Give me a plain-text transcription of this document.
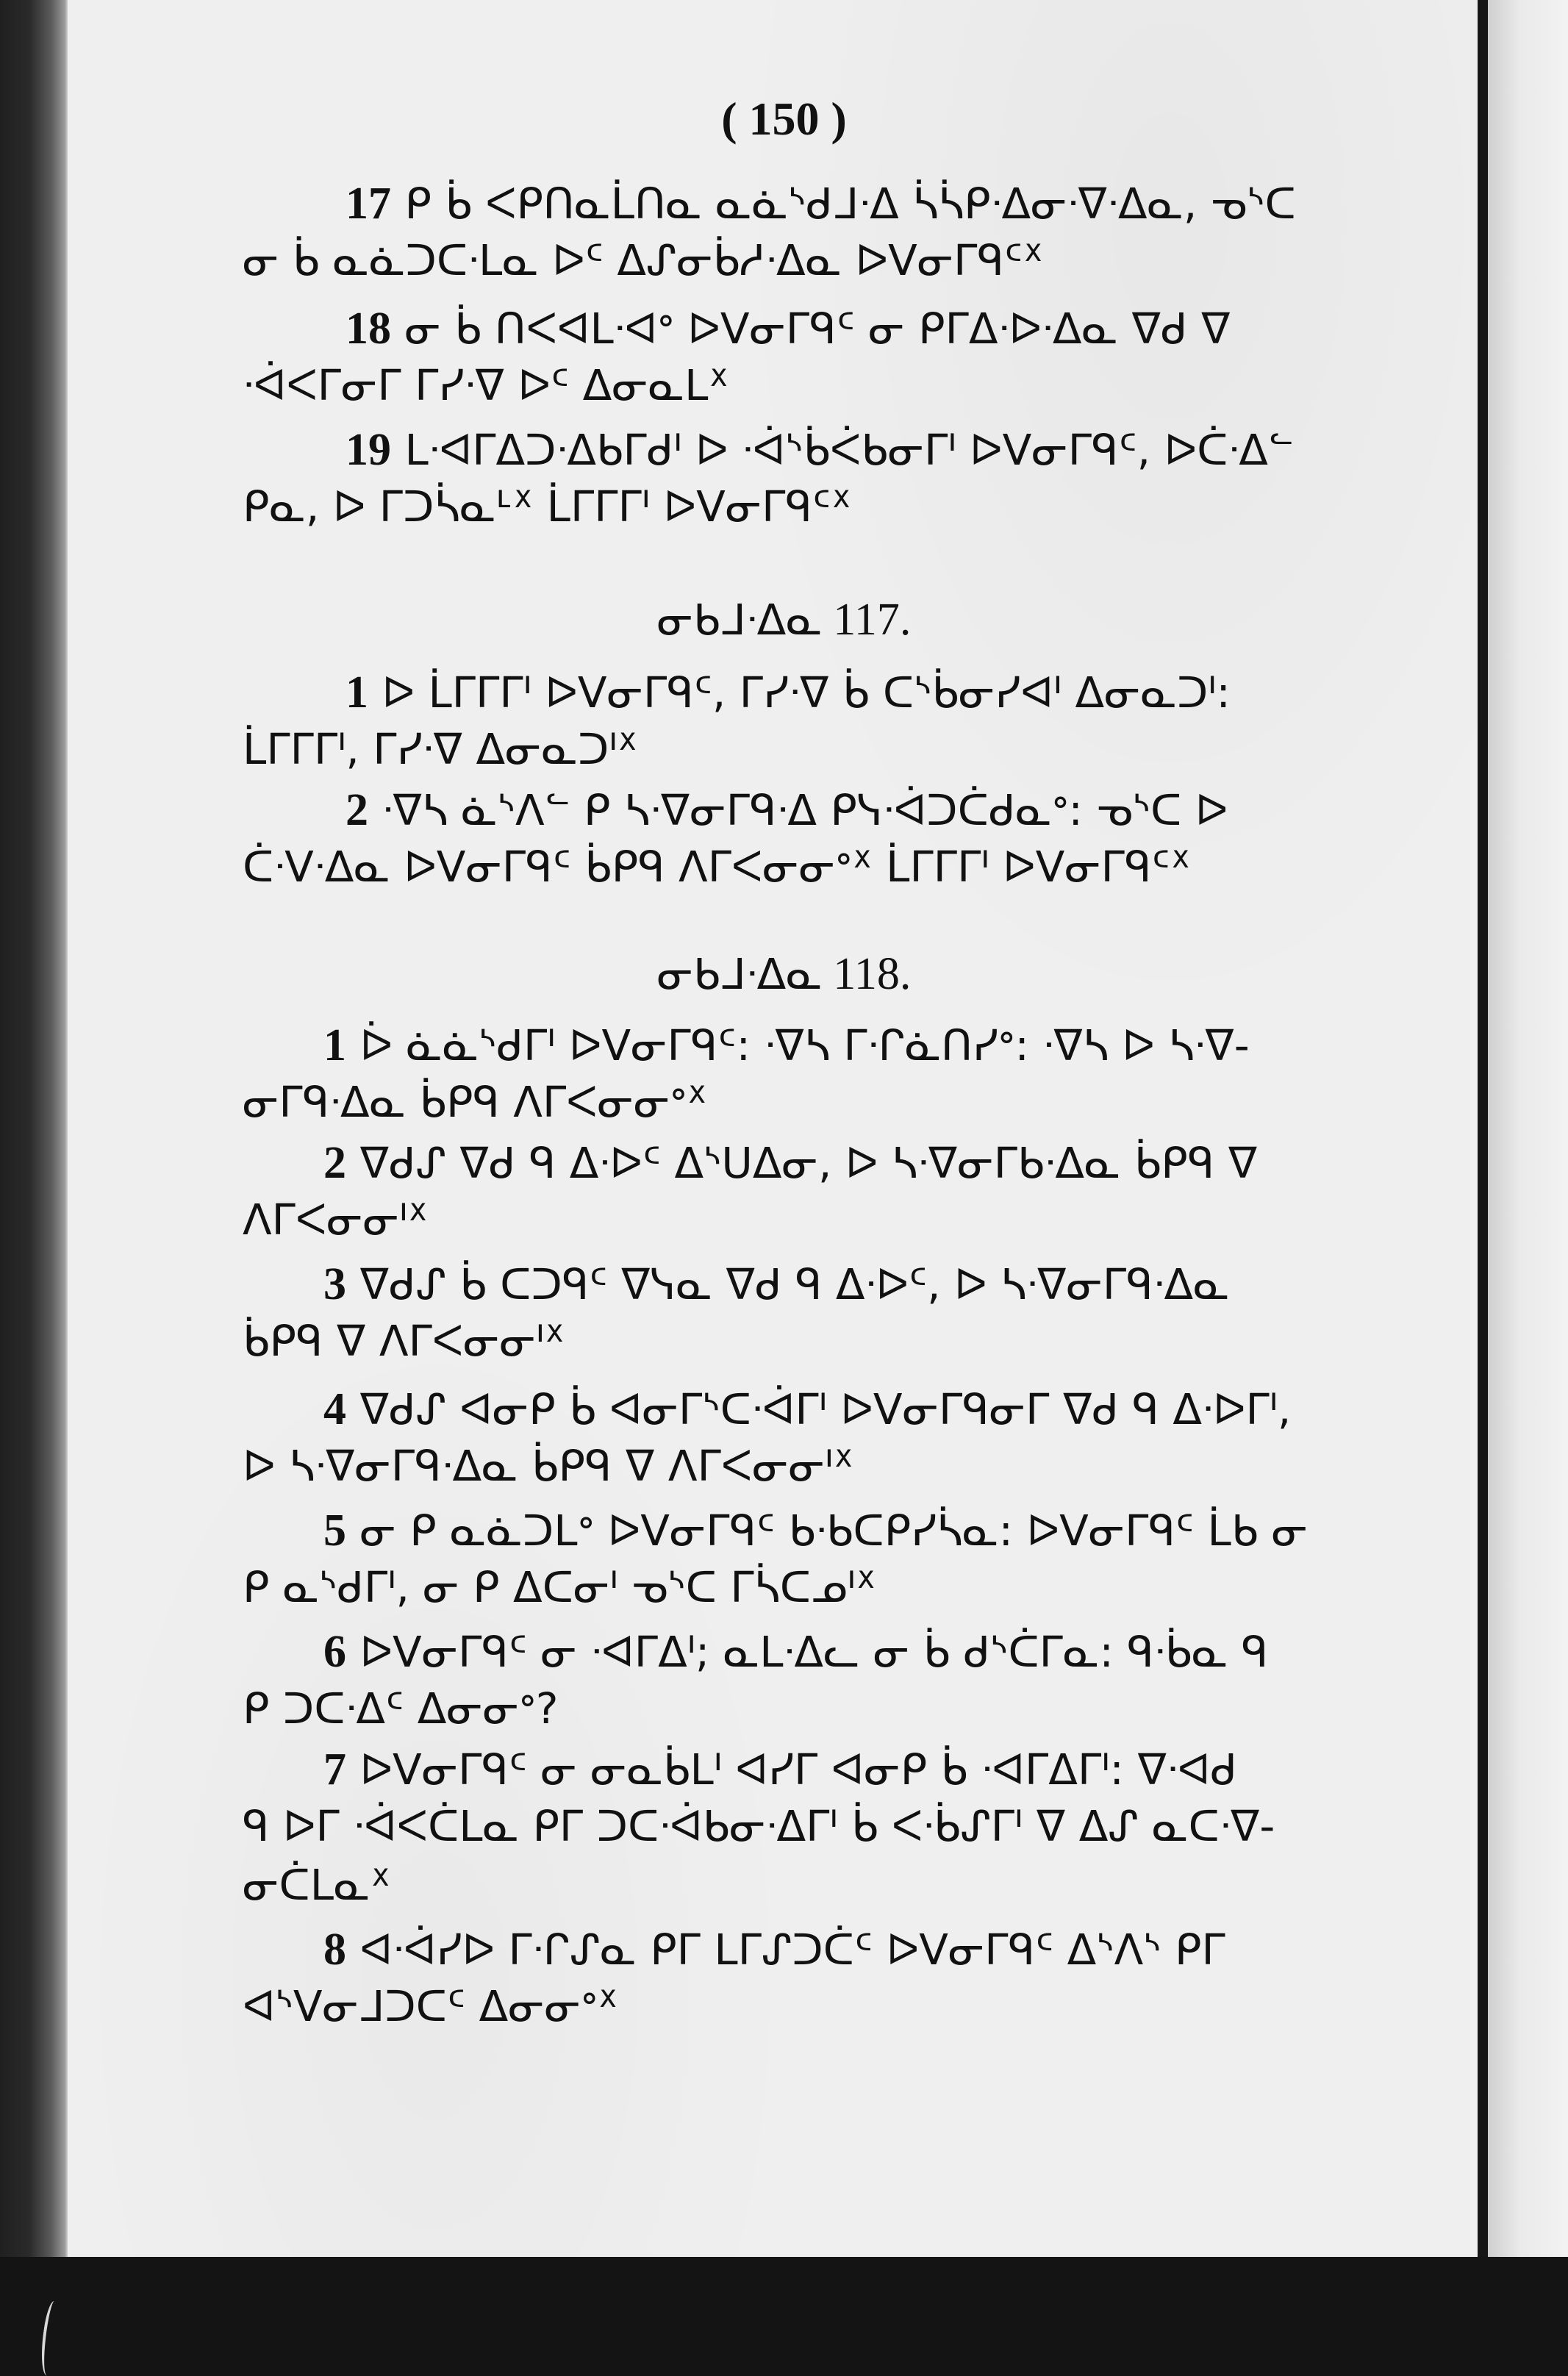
( 150 )
17 ᑭ ᑳ ᐸᑭᑎᓇᒫᑎᓇ ᓇᓈᔅᑯᒧᐧᐃ ᓵᓵᑭᐧᐃᓂᐧᐁᐧᐃᓇ, ᓀᔅᑕ
ᓂ ᑳ ᓇᓈᑐᑕᐧᒪᓇ ᐅᑦ ᐃᔑᓂᑳᓱᐧᐃᓇ ᐅᐯᓂᒥᑫᑦᕽ
18 ᓂ ᑳ ᑎᐸᐊᒪᐧᐊᐤ ᐅᐯᓂᒥᑫᑦ ᓂ ᑭᒥᐃᐧᐅᐧᐃᓇ ᐁᑯ ᐁ
ᐧᐋᐸᒥᓂᒥ ᒥᓯᐧᐁ ᐅᑦ ᐃᓂᓇᒪᕽ
19 ᒪᐧᐊᒥᐃᑐᐧᐃᑲᒥᑯᑊ ᐅ ᐧᐋᔅᑳᐹᑲᓂᒥᑊ ᐅᐯᓂᒥᑫᑦ, ᐅᑖᐧᐃᓪ
ᑭᓇ, ᐅ ᒥᑐᓵᓇᒻᕽ ᒫᒥᒥᒥᑊ ᐅᐯᓂᒥᑫᑦᕽ
ᓂᑲᒧᐧᐃᓇ 117.
1 ᐅ ᒫᒥᒥᒥᑊ ᐅᐯᓂᒥᑫᑦ, ᒥᓯᐧᐁ ᑳ ᑕᔅᑳᓂᓯᐊᑊ ᐃᓂᓇᑐᑊ:
ᒫᒥᒥᒥᑊ, ᒥᓯᐧᐁ ᐃᓂᓇᑐᑊᕽ
2 ᐧᐁᓴ ᓈᔅᐱᓪ ᑭ ᓴᐧᐁᓂᒥᑫᐧᐃ ᑭᓭᐧᐋᑐᑖᑯᓇᐤ: ᓀᔅᑕ ᐅ
ᑖᐧᐯᐧᐃᓇ ᐅᐯᓂᒥᑫᑦ ᑳᑭᑫ ᐱᒥᐸᓂᓂᐤᕽ ᒫᒥᒥᒥᑊ ᐅᐯᓂᒥᑫᑦᕽ
ᓂᑲᒧᐧᐃᓇ 118.
1 ᐆ ᓈᓈᔅᑯᒥᑊ ᐅᐯᓂᒥᑫᑦ: ᐧᐁᓴ ᒥᐧᒋᓈᑎᓯᐤ: ᐧᐁᓴ ᐅ ᓴᐧᐁ-
ᓂᒥᑫᐧᐃᓇ ᑳᑭᑫ ᐱᒥᐸᓂᓂᐤᕽ
2 ᐁᑯᔑ ᐁᑯ ᑫ ᐃᐧᐅᑦ ᐃᔅᑌᐃᓂ, ᐅ ᓴᐧᐁᓂᒥᑲᐧᐃᓇ ᑳᑭᑫ ᐁ
ᐱᒥᐸᓂᓂᑊᕽ
3 ᐁᑯᔑ ᑳ ᑕᑐᑫᑦ ᐁᓭᓇ ᐁᑯ ᑫ ᐃᐧᐅᑦ, ᐅ ᓴᐧᐁᓂᒥᑫᐧᐃᓇ
ᑳᑭᑫ ᐁ ᐱᒥᐸᓂᓂᑊᕽ
4 ᐁᑯᔑ ᐊᓂᑭ ᑳ ᐊᓂᒥᔅᑕᐧᐋᒥᑊ ᐅᐯᓂᒥᑫᓂᒥ ᐁᑯ ᑫ ᐃᐧᐅᒥᑊ,
ᐅ ᓴᐧᐁᓂᒥᑫᐧᐃᓇ ᑳᑭᑫ ᐁ ᐱᒥᐸᓂᓂᑊᕽ
5 ᓂ ᑭ ᓇᓈᑐᒪᐤ ᐅᐯᓂᒥᑫᑦ ᑲᐧᑲᑕᑭᓯᓵᓇ: ᐅᐯᓂᒥᑫᑦ ᒫᑲ ᓂ
ᑭ ᓇᔅᑯᒥᑊ, ᓂ ᑭ ᐃᑕᓂᑊ ᓀᔅᑕ ᒥᓵᑕᓄᑊᕽ
6 ᐅᐯᓂᒥᑫᑦ ᓂ ᐧᐊᒥᐃᑊ; ᓇᒪᐧᐃᓚ ᓂ ᑳ ᑯᔅᑖᒥᓇ: ᑫᐧᑳᓇ ᑫ
ᑭ ᑐᑕᐧᐃᑦ ᐃᓂᓂᐤ?
7 ᐅᐯᓂᒥᑫᑦ ᓂ ᓂᓇᑳᒪᑊ ᐊᓯᒥ ᐊᓂᑭ ᑳ ᐧᐊᒥᐃᒥᑊ: ᐁᐧᐊᑯ
ᑫ ᐅᒥ ᐧᐋᐸᑖᒪᓇ ᑭᒥ ᑐᑕᐧᐋᑲᓂᐧᐃᒥᑊ ᑳ ᐸᐧᑳᔑᒥᑊ ᐁ ᐃᔑ ᓇᑕᐧᐁ-
ᓂᑖᒪᓇᕽ
8 ᐊᐧᐋᓯᐅ ᒥᐧᒋᔑᓇ ᑭᒥ ᒪᒥᔑᑐᑖᑦ ᐅᐯᓂᒥᑫᑦ ᐃᔅᐱᔅ ᑭᒥ
ᐊᔅᐯᓂᒧᑐᑕᑦ ᐃᓂᓂᐤᕽ
